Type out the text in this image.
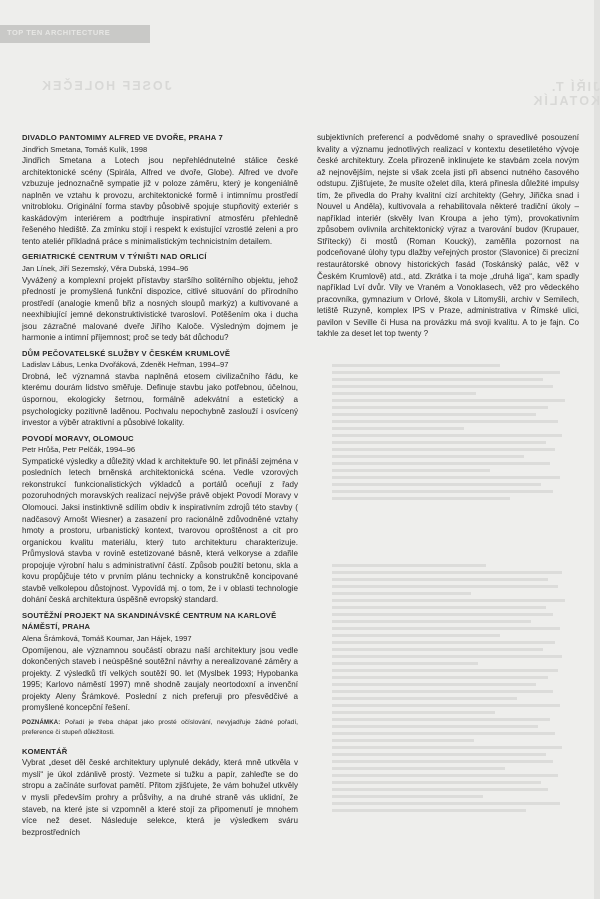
TOP TEN ARCHITECTURE
JOSEF HOLEČEK	JIŘÍ T. KOTALÍK
DIVADLO PANTOMIMY ALFRED VE DVOŘE, PRAHA 7
Jindřich Smetana, Tomáš Kulík, 1998
Jindřich Smetana a Lotech jsou nepřehlédnutelné stálice české architektonické scény (Spirála, Alfred ve dvoře, Globe). Alfred ve dvoře vzbuzuje jednoznačně sympatie již v poloze záměru, který je kongeniálně naplněn ve vztahu k provozu, architektonické formě i intimnímu prostředí vnitrobloku. Originální forma stavby působivě spojuje stupňovitý exteriér s kaskádovým interiérem a podtrhuje inspirativní atmosféru přehledně řešeného hlediště. Za zmínku stojí i respekt k existující vzrostlé zeleni a pro tento ateliér příkladná práce s minimalistickým technicistním detailem.
GERIATRICKÉ CENTRUM V TÝNIŠTI NAD ORLICÍ
Jan Línek, Jiří Sezemský, Věra Dubská, 1994–96
Vyvážený a komplexní projekt přístavby staršího solitérního objektu, jehož předností je promyšlená funkční dispozice, citlivé situování do přírodního prostředí (analogie kmenů břiz a nosných sloupů markýz) a kultivované a neexhibiující jemné dekonstruktivistické tvarosloví. Potěšením oka i ducha jsou zázračné malované dveře Jiřího Kaloče. Výsledným dojmem je harmonie a intimní příjemnost; proč se tedy bát důchodu?
DŮM PEČOVATELSKÉ SLUŽBY V ČESKÉM KRUMLOVĚ
Ladislav Lábus, Lenka Dvořáková, Zdeněk Heřman, 1994–97
Drobná, leč významná stavba naplněná etosem civilizačního řádu, ke kterému dourám lidstvo směřuje. Definuje stavbu jako potřebnou, účelnou, úspornou, ekologicky šetrnou, formálně adekvátní a estetický a psychologicky pozitivně laděnou. Pochvalu nepochybně zaslouží i osvícený investor a výběr atraktivní a působivé lokality.
POVODÍ MORAVY, OLOMOUC
Petr Hrůša, Petr Pelčák, 1994–96
Sympatické výsledky a důležitý vklad k architektuře 90. let přináší zejména v posledních letech brněnská architektonická scéna. Vedle vzorových rekonstrukcí funkcionalistických výkladců a portálů oceňují z řady pozoruhodných moravských realizací nejvýše právě objekt Povodí Moravy v Olomouci. Jaksi instinktivně sdílím obdiv k inspirativním zdrojů této stavby ( nadčasový Arnošt Wiesner) a zasazení pro racionálně zdůvodněné vztahy hmoty a prostoru, urbanistický kontext, tvarovou oproštěnost a cit pro organickou kvalitu materiálu, který tuto architekturu charakterizuje. Průmyslová stavba v rovině estetizované básně, která velkoryse a zdařile propojuje výrobní halu s administrativní částí. Způsob použití betonu, skla a kovu propůjčuje této v prvním plánu technicky a konstrukčně koncipované stavbě velkolepou důstojnost. Vypovídá mj. o tom, že i v oblasti technologie dohání česká architektura úspěšně evropský standard.
SOUTĚŽNÍ PROJEKT NA SKANDINÁVSKÉ CENTRUM NA KARLOVĚ NÁMĚSTÍ, PRAHA
Alena Šrámková, Tomáš Koumar, Jan Hájek, 1997
Opomíjenou, ale významnou součástí obrazu naší architektury jsou vedle dokončených staveb i neúspěšné soutěžní návrhy a nerealizované záměry a projekty. Z výsledků tří velkých soutěží 90. let (Myslbek 1993; Hypobanka 1995; Karlovo náměstí 1997) mně shodně zaujaly neortodoxní a invenční projekty Aleny Šrámkové. Poslední z nich preferuji pro přesvědčivé a promyšlené koncepční řešení.
POZNÁMKA: Pořadí je třeba chápat jako prosté očíslování, nevyjadřuje žádné pořadí, preference či stupeň důležitosti.
KOMENTÁŘ
Vybrat „deset děl české architektury uplynulé dekády, která mně utkvěla v mysli“ je úkol zdánlivě prostý. Vezmete si tužku a papír, zahleďte se do stropu a začínáte surfovat pamětí. Přitom zjišťujete, že vám bohužel utkvěly v mysli především prohry a průšvihy, a na druhé straně vás uklidní, že staveb, na které jste si vzpomněl a které stojí za připomenutí je mnohem více než deset. Následuje selekce, která je výsledkem sváru bezprostředních
subjektivních preferencí a podvědomé snahy o spravedlivé posouzení kvality a významu jednotlivých realizací v kontextu desetiletého vývoje české architektury. Zcela přirozeně inklinujete ke stavbám zcela novým až nejnovějším, nejste si však zcela jisti při absenci nutného časového odstupu. Zjišťujete, že musíte oželet díla, která přinesla důležité impulsy tím, že přivedla do Prahy kvalitní cizí architekty (Gehry, Jiřička snad i Nouvel u Anděla), kultivovala a rehabilitovala některé tradiční úkoly – například interiér (skvěly Ivan Kroupa a jeho tým), provokativním způsobem ovlivnila architektonický výraz a tvarování budov (Krupauer, Střítecký) či mostů (Roman Koucký), zaměřila pozornost na podceňované úlohy typu dlažby veřejných prostor (Slavonice) či precizní restaurátorské obnovy historických fasád (Toskánský palác, věž v Českém Krumlově) atd., atd. Zkrátka i ta moje „druhá liga“, kam spadly například Lví dvůr. Vily ve Vraném a Vonoklasech, věž pro vědeckého pracovníka, gymnazium v Orlové, škola v Litomyšli, archiv v Semilech, letiště Ruzyně, komplex IPS v Praze, administrativa v Římské ulici, pavilon v Seville či Husa na provázku má svoji kvalitu. A to je fajn. Co takhle za deset let top twenty ?
